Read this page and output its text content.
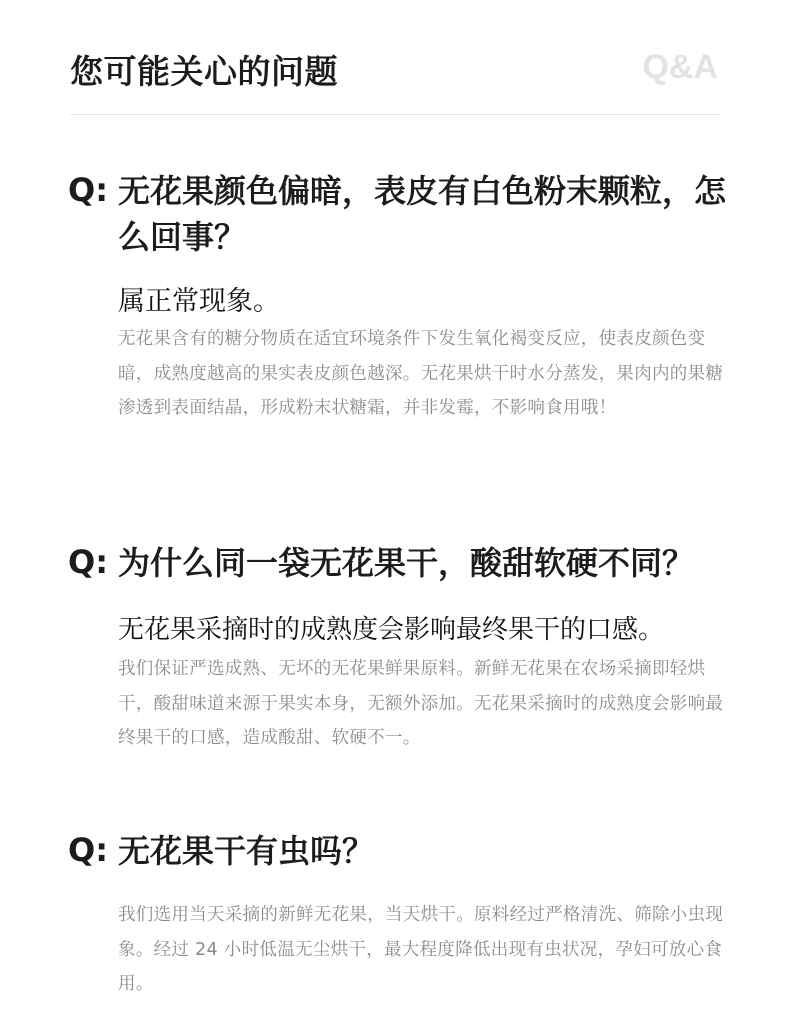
您可能关心的问题	Q&A
Q: 无花果颜色偏暗，表皮有白色粉末颗粒，怎么回事？
属正常现象。
无花果含有的糖分物质在适宜环境条件下发生氧化褐变反应，使表皮颜色变暗，成熟度越高的果实表皮颜色越深。无花果烘干时水分蒸发，果肉内的果糖渗透到表面结晶，形成粉末状糖霜，并非发霉，不影响食用哦！
Q: 为什么同一袋无花果干，酸甜软硬不同？
无花果采摘时的成熟度会影响最终果干的口感。
我们保证严选成熟、无坏的无花果鲜果原料。新鲜无花果在农场采摘即轻烘干，酸甜味道来源于果实本身，无额外添加。无花果采摘时的成熟度会影响最终果干的口感，造成酸甜、软硬不一。
Q: 无花果干有虫吗？
我们选用当天采摘的新鲜无花果，当天烘干。原料经过严格清洗、筛除小虫现象。经过 24 小时低温无尘烘干，最大程度降低出现有虫状况，孕妇可放心食用。
